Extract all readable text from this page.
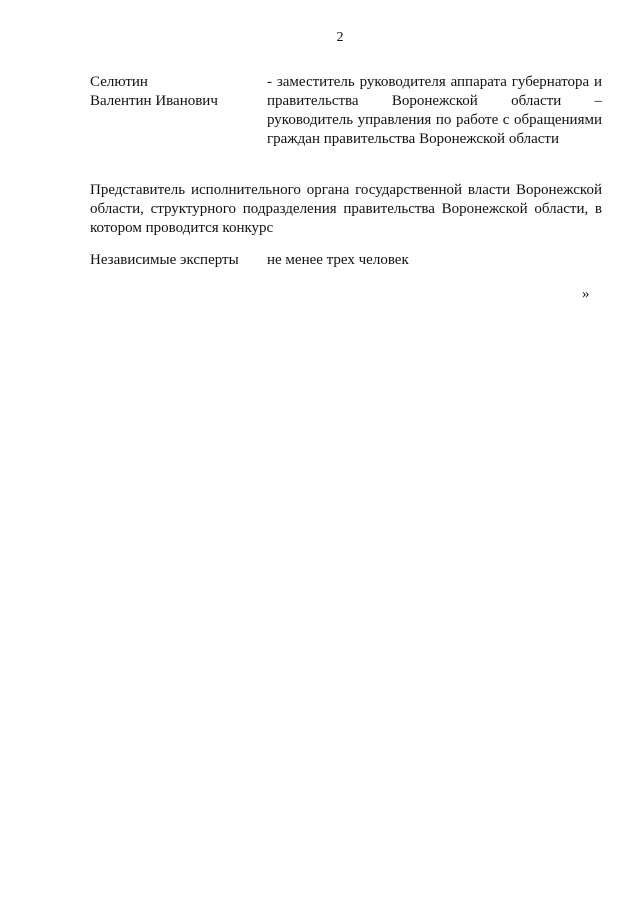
2
Селютин
Валентин Иванович
- заместитель руководителя аппарата губернатора и правительства Воронежской области – руководитель управления по работе с обращениями граждан правительства Воронежской области
Представитель исполнительного органа государственной власти Воронежской области, структурного подразделения правительства Воронежской области, в котором проводится конкурс
Независимые эксперты	не менее трех человек
»
